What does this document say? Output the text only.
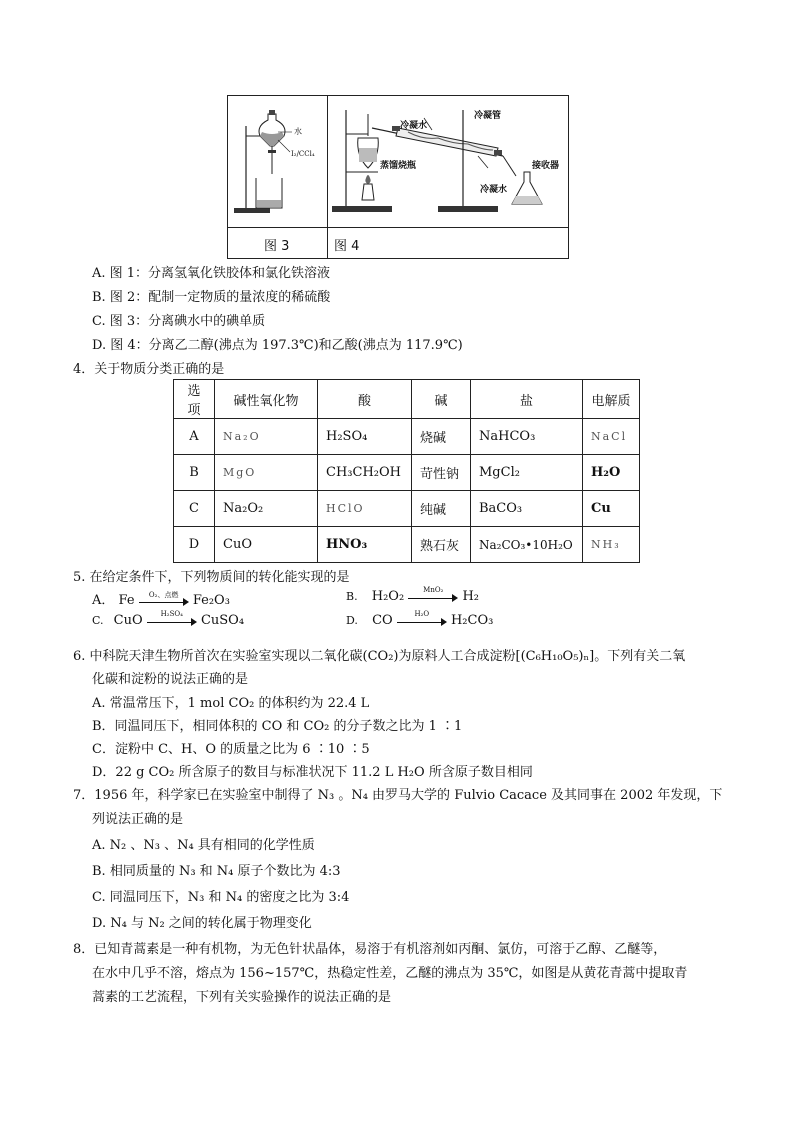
水
I₂/CCl₄
冷凝水
冷凝管
蒸馏烧瓶
冷凝水
接收器
图 3	图 4
A. 图 1：分离氢氧化铁胶体和氯化铁溶液
B. 图 2：配制一定物质的量浓度的稀硫酸
C. 图 3：分离碘水中的碘单质
D. 图 4：分离乙二醇(沸点为 197.3℃)和乙酸(沸点为 117.9℃)
4．关于物质分类正确的是
选项	碱性氧化物	酸	碱	盐	电解质
A	Na₂O	H₂SO₄	烧碱	NaHCO₃	NaCl
B	MgO	CH₃CH₂OH	苛性钠	MgCl₂	H₂O
C	Na₂O₂	HClO	纯碱	BaCO₃	Cu
D	CuO	HNO₃	熟石灰	Na₂CO₃•10H₂O	NH₃
5. 在给定条件下，下列物质间的转化能实现的是
A． Fe	O₂、点燃	Fe₂O₃	B. H₂O₂	MnO₂	H₂
C. CuO	H₂SO₄	CuSO₄	D. CO	H₂O	H₂CO₃
6. 中科院天津生物所首次在实验室实现以二氧化碳(CO₂)为原料人工合成淀粉[(C₆H₁₀O₅)ₙ]。下列有关二氧
化碳和淀粉的说法正确的是
A. 常温常压下，1 mol CO₂ 的体积约为 22.4 L
B．同温同压下，相同体积的 CO 和 CO₂ 的分子数之比为 1 ∶1
C．淀粉中 C、H、O 的质量之比为 6 ∶10 ∶5
D．22 g CO₂ 所含原子的数目与标准状况下 11.2 L H₂O 所含原子数目相同
7．1956 年，科学家已在实验室中制得了 N₃ 。N₄ 由罗马大学的 Fulvio Cacace 及其同事在 2002 年发现，下
列说法正确的是
A. N₂ 、N₃ 、N₄ 具有相同的化学性质
B. 相同质量的 N₃ 和 N₄ 原子个数比为 4:3
C. 同温同压下，N₃ 和 N₄ 的密度之比为 3:4
D. N₄ 与 N₂ 之间的转化属于物理变化
8．已知青蒿素是一种有机物，为无色针状晶体，易溶于有机溶剂如丙酮、氯仿，可溶于乙醇、乙醚等，
在水中几乎不溶，熔点为 156~157℃，热稳定性差，乙醚的沸点为 35℃，如图是从黄花青蒿中提取青
蒿素的工艺流程，下列有关实验操作的说法正确的是
